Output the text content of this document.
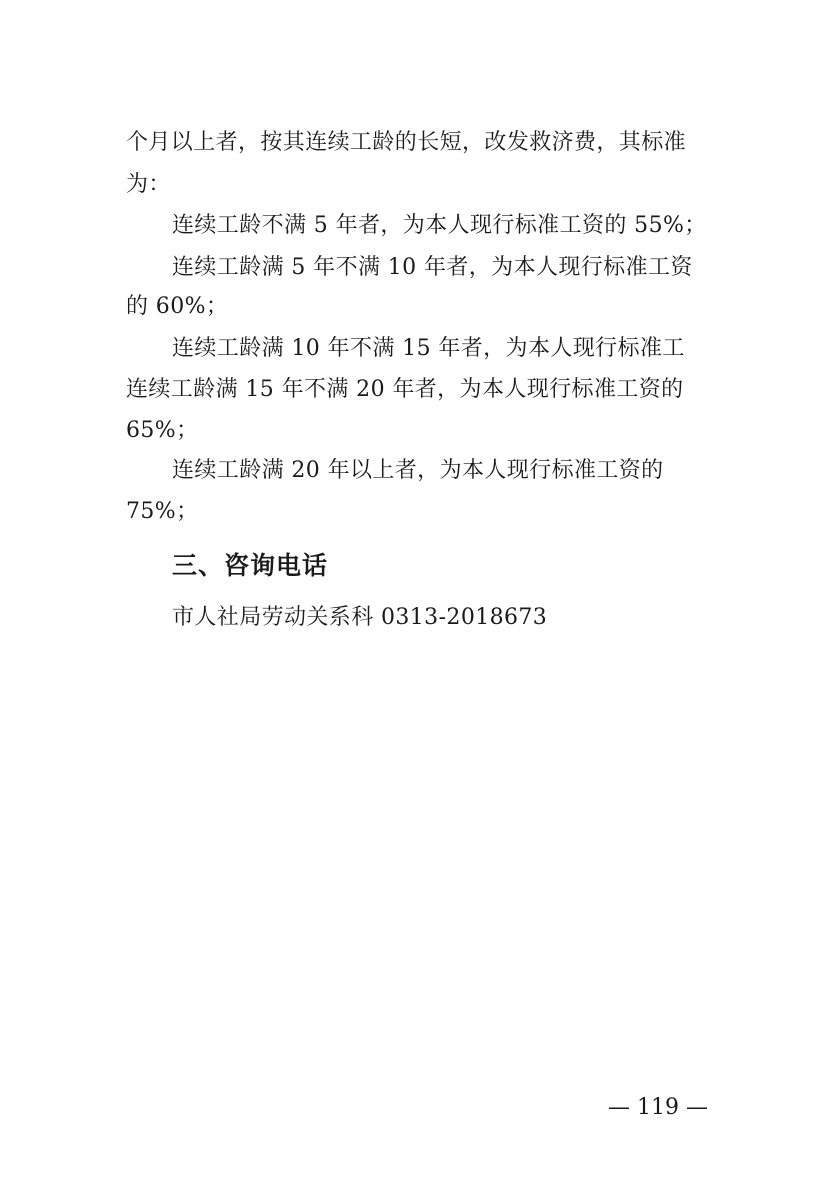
个月以上者，按其连续工龄的长短，改发救济费，其标准
为：
连续工龄不满 5 年者，为本人现行标准工资的 55%；
连续工龄满 5 年不满 10 年者，为本人现行标准工资
的 60%；
连续工龄满 10 年不满 15 年者，为本人现行标准工
连续工龄满 15 年不满 20 年者，为本人现行标准工资的
65%；
连续工龄满 20 年以上者，为本人现行标准工资的
75%；
三、咨询电话
市人社局劳动关系科 0313-2018673
— 119 —
